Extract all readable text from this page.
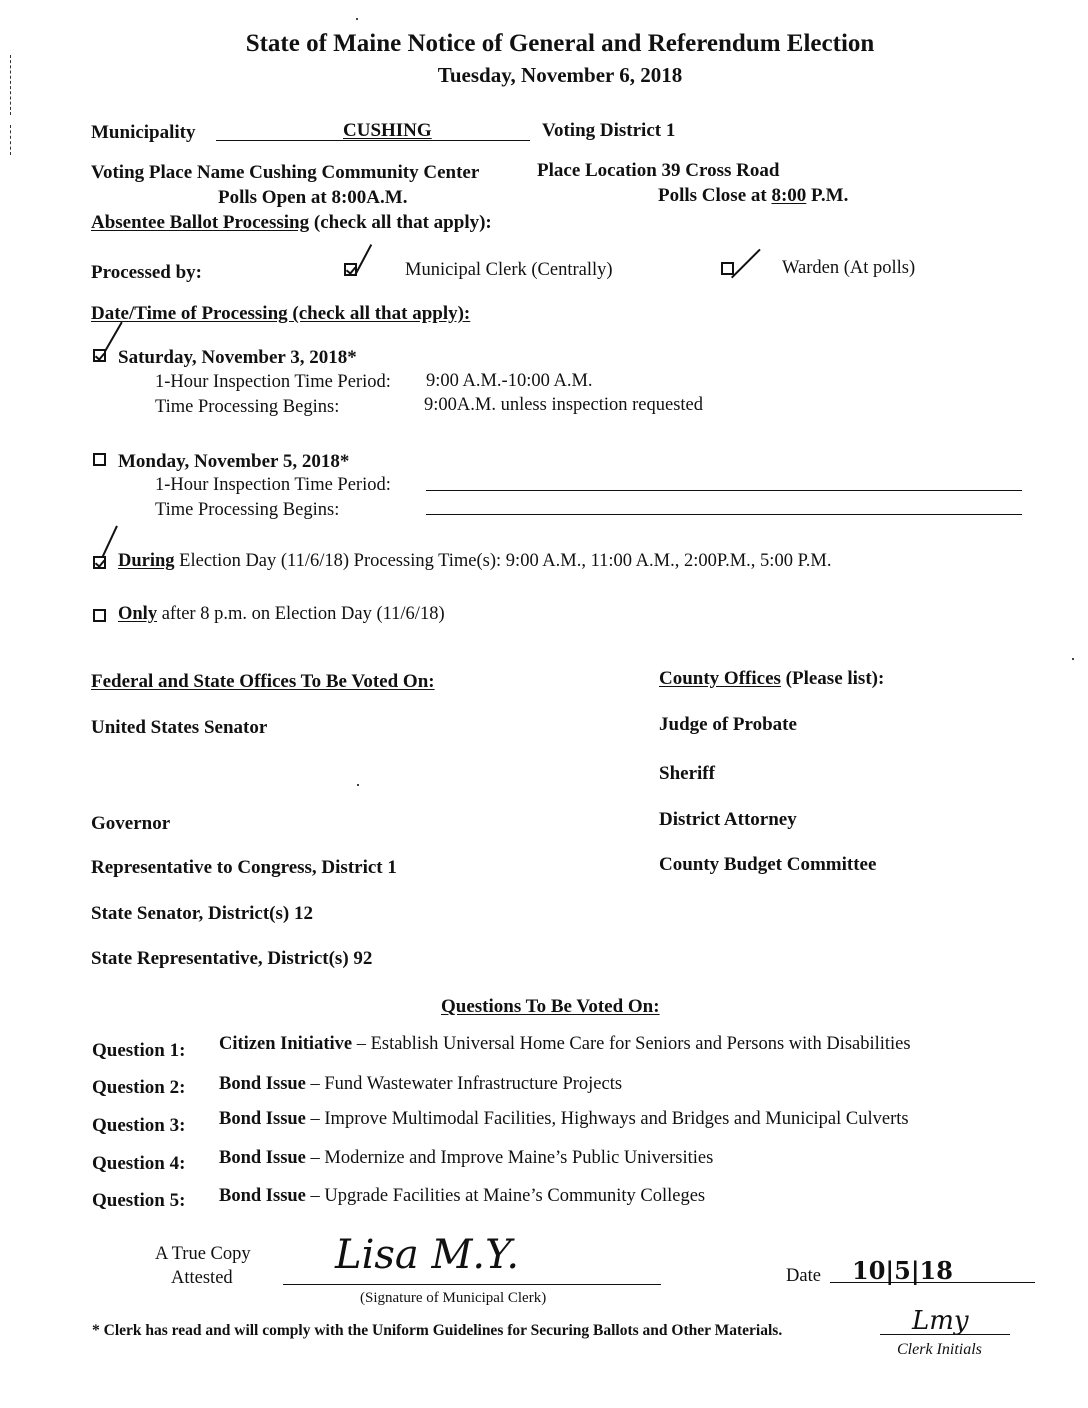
State of Maine Notice of General and Referendum Election
Tuesday, November 6, 2018
Municipality	CUSHING	Voting District 1
Voting Place Name Cushing Community Center	Place Location 39 Cross Road
Polls Open at 8:00A.M.	Polls Close at 8:00 P.M.
Absentee Ballot Processing (check all that apply):
Processed by:	Municipal Clerk (Centrally)	Warden (At polls)
Date/Time of Processing (check all that apply):
Saturday, November 3, 2018*
1-Hour Inspection Time Period: 9:00 A.M.-10:00 A.M.
Time Processing Begins:	9:00A.M. unless inspection requested
Monday, November 5, 2018*
1-Hour Inspection Time Period:
Time Processing Begins:
During Election Day (11/6/18) Processing Time(s): 9:00 A.M., 11:00 A.M., 2:00P.M., 5:00 P.M.
Only after 8 p.m. on Election Day (11/6/18)
Federal and State Offices To Be Voted On:	County Offices (Please list):
United States Senator
Governor
Representative to Congress, District 1
State Senator, District(s) 12
State Representative, District(s) 92
Judge of Probate
Sheriff
District Attorney
County Budget Committee
Questions To Be Voted On:
Question 1: Citizen Initiative – Establish Universal Home Care for Seniors and Persons with Disabilities
Question 2: Bond Issue – Fund Wastewater Infrastructure Projects
Question 3: Bond Issue – Improve Multimodal Facilities, Highways and Bridges and Municipal Culverts
Question 4: Bond Issue – Modernize and Improve Maine’s Public Universities
Question 5: Bond Issue – Upgrade Facilities at Maine’s Community Colleges
A True Copy
Attested	Lisa M.Y.
(Signature of Municipal Clerk)
Date 10|5|18
* Clerk has read and will comply with the Uniform Guidelines for Securing Ballots and Other Materials.	Lmy
Clerk Initials
